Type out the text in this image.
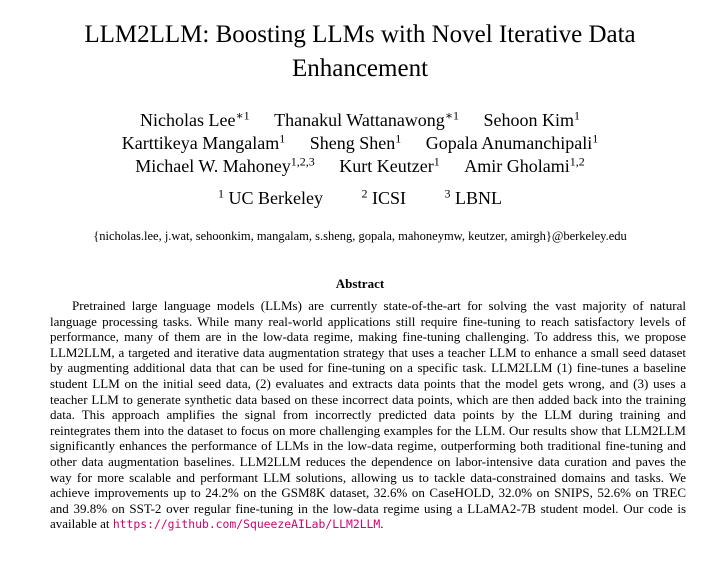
LLM2LLM: Boosting LLMs with Novel Iterative Data Enhancement
Nicholas Lee$^{∗1}$ Thanakul Wattanawong$^{∗1}$ Sehoon Kim$^1$
Karttikeya Mangalam$^1$ Sheng Shen$^1$ Gopala Anumanchipali$^1$
Michael W. Mahoney$^{1,2,3}$ Kurt Keutzer$^1$ Amir Gholami$^{1,2}$
$^1$ UC Berkeley	$^2$ ICSI	$^3$ LBNL
{nicholas.lee, j.wat, sehoonkim, mangalam, s.sheng, gopala, mahoneymw, keutzer, amirgh}@berkeley.edu
Abstract

Pretrained large language models (LLMs) are currently state-of-the-art for solving the vast majority of natural language processing tasks. While many real-world applications still require fine-tuning to reach satisfactory levels of performance, many of them are in the low-data regime, making fine-tuning challenging. To address this, we propose LLM2LLM, a targeted and iterative data augmentation strategy that uses a teacher LLM to enhance a small seed dataset by augmenting additional data that can be used for fine-tuning on a specific task. LLM2LLM (1) fine-tunes a baseline student LLM on the initial seed data, (2) evaluates and extracts data points that the model gets wrong, and (3) uses a teacher LLM to generate synthetic data based on these incorrect data points, which are then added back into the training data. This approach amplifies the signal from incorrectly predicted data points by the LLM during training and reintegrates them into the dataset to focus on more challenging examples for the LLM. Our results show that LLM2LLM significantly enhances the performance of LLMs in the low-data regime, outperforming both traditional fine-tuning and other data augmentation baselines. LLM2LLM reduces the dependence on labor-intensive data curation and paves the way for more scalable and performant LLM solutions, allowing us to tackle data-constrained domains and tasks. We achieve improvements up to 24.2% on the GSM8K dataset, 32.6% on CaseHOLD, 32.0% on SNIPS, 52.6% on TREC and 39.8% on SST-2 over regular fine-tuning in the low-data regime using a LLaMA2-7B student model. Our code is available at https://github.com/SqueezeAILab/LLM2LLM.
